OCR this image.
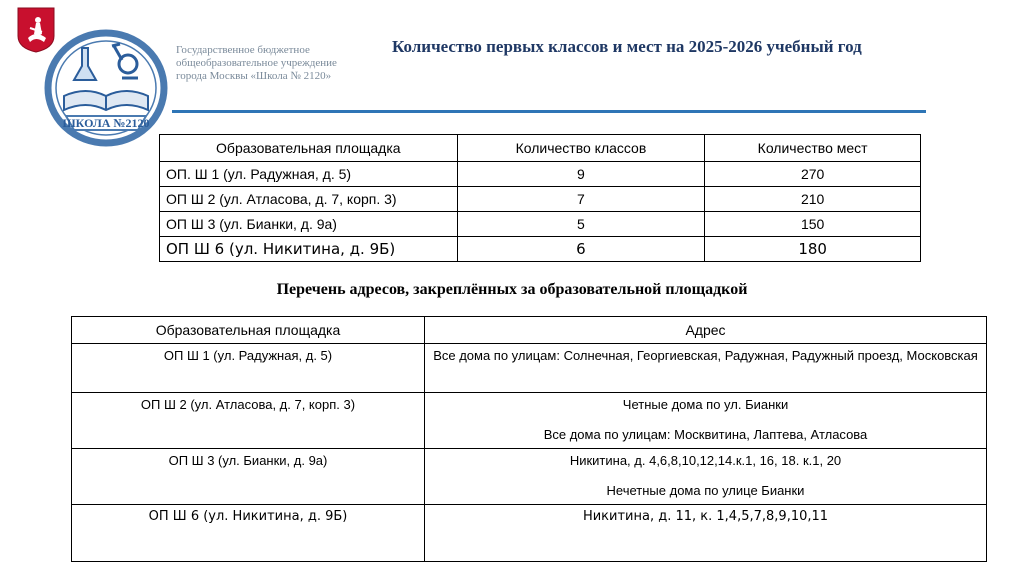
ШКОЛА №2120
Государственное бюджетное
общеобразовательное учреждение
города Москвы «Школа № 2120»
Количество первых классов и мест на 2025-2026 учебный год
Образовательная площадка	Количество классов	Количество мест
ОП. Ш 1 (ул. Радужная, д. 5)	9	270
ОП Ш 2 (ул. Атласова, д. 7, корп. 3)	7	210
ОП Ш 3 (ул. Бианки, д. 9а)	5	150
ОП Ш 6 (ул. Никитина, д. 9Б)	6	180
Перечень адресов, закреплённых за образовательной площадкой
Образовательная площадка	Адрес
ОП Ш 1 (ул. Радужная, д. 5)	Все дома по улицам: Солнечная, Георгиевская, Радужная, Радужный проезд, Московская

ОП Ш 2 (ул. Атласова, д. 7, корп. 3)	Четные дома по ул. Бианки
Все дома по улицам: Москвитина, Лаптева, Атласова

ОП Ш 3 (ул. Бианки, д. 9а)	Никитина, д. 4,6,8,10,12,14.к.1, 16, 18. к.1, 20
Нечетные дома по улице Бианки

ОП Ш 6 (ул. Никитина, д. 9Б)	Никитина, д. 11, к. 1,4,5,7,8,9,10,11
